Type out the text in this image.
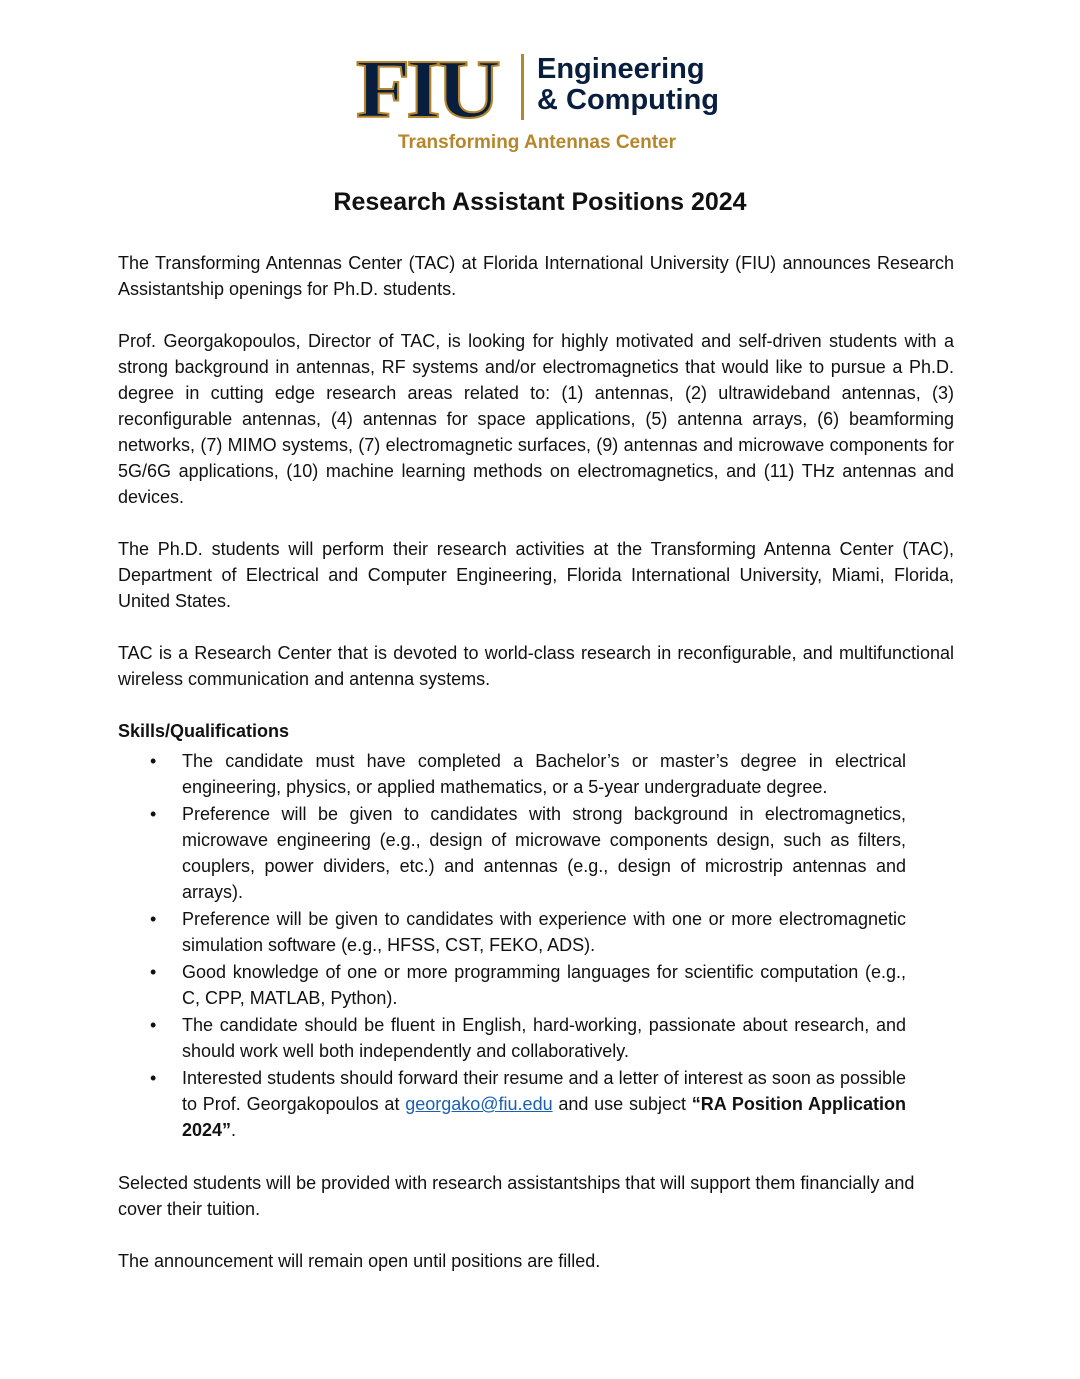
FIU Engineering
& Computing
Transforming Antennas Center
Research Assistant Positions 2024

The Transforming Antennas Center (TAC) at Florida International University (FIU) announces Research Assistantship openings for Ph.D. students.

Prof. Georgakopoulos, Director of TAC, is looking for highly motivated and self-driven students with a strong background in antennas, RF systems and/or electromagnetics that would like to pursue a Ph.D. degree in cutting edge research areas related to: (1) antennas, (2) ultrawideband antennas, (3) reconfigurable antennas, (4) antennas for space applications, (5) antenna arrays, (6) beamforming networks, (7) MIMO systems, (7) electromagnetic surfaces, (9) antennas and microwave components for 5G/6G applications, (10) machine learning methods on electromagnetics, and (11) THz antennas and devices.

The Ph.D. students will perform their research activities at the Transforming Antenna Center (TAC), Department of Electrical and Computer Engineering, Florida International University, Miami, Florida, United States.

TAC is a Research Center that is devoted to world-class research in reconfigurable, and multifunctional wireless communication and antenna systems.

Skills/Qualifications

• The candidate must have completed a Bachelor’s or master’s degree in electrical engineering, physics, or applied mathematics, or a 5-year undergraduate degree.
• Preference will be given to candidates with strong background in electromagnetics, microwave engineering (e.g., design of microwave components design, such as filters, couplers, power dividers, etc.) and antennas (e.g., design of microstrip antennas and arrays).
• Preference will be given to candidates with experience with one or more electromagnetic simulation software (e.g., HFSS, CST, FEKO, ADS).
• Good knowledge of one or more programming languages for scientific computation (e.g., C, CPP, MATLAB, Python).
• The candidate should be fluent in English, hard-working, passionate about research, and should work well both independently and collaboratively.
• Interested students should forward their resume and a letter of interest as soon as possible to Prof. Georgakopoulos at georgako@fiu.edu and use subject “RA Position Application 2024”.

Selected students will be provided with research assistantships that will support them financially and cover their tuition.

The announcement will remain open until positions are filled.
